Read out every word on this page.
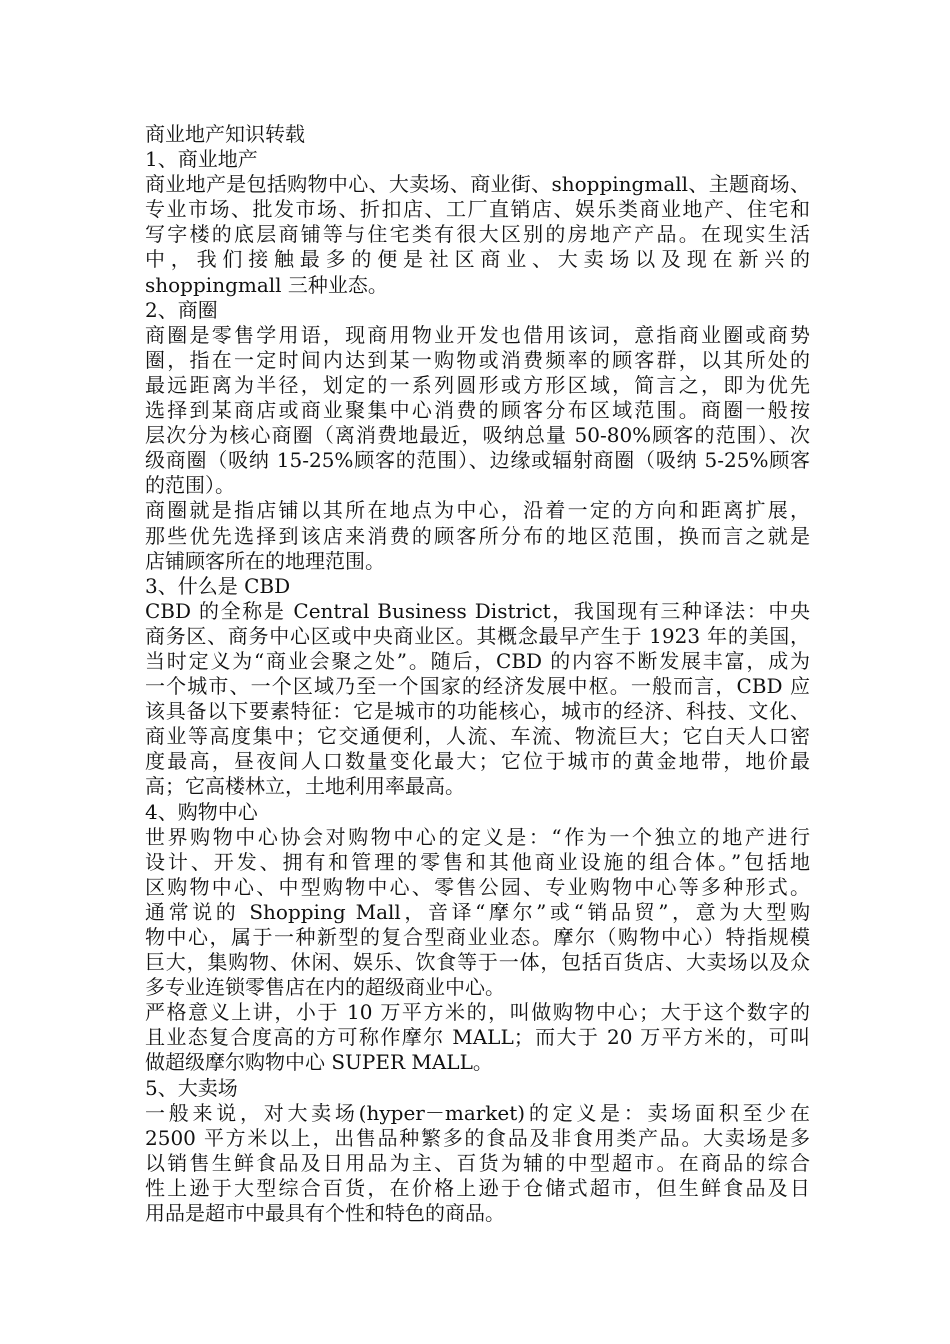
商业地产知识转载

1、商业地产

商业地产是包括购物中心、大卖场、商业街、shoppingmall、主题商场、

专业市场、批发市场、折扣店、工厂直销店、娱乐类商业地产、住宅和

写字楼的底层商铺等与住宅类有很大区别的房地产产品。在现实生活

中，我们接触最多的便是社区商业、大卖场以及现在新兴的

shoppingmall 三种业态。

2、商圈

商圈是零售学用语，现商用物业开发也借用该词，意指商业圈或商势

圈，指在一定时间内达到某一购物或消费频率的顾客群，以其所处的

最远距离为半径，划定的一系列圆形或方形区域，简言之，即为优先

选择到某商店或商业聚集中心消费的顾客分布区域范围。商圈一般按

层次分为核心商圈（离消费地最近，吸纳总量 50-80%顾客的范围）、次

级商圈（吸纳 15-25%顾客的范围）、边缘或辐射商圈（吸纳 5-25%顾客

的范围）。

商圈就是指店铺以其所在地点为中心，沿着一定的方向和距离扩展，

那些优先选择到该店来消费的顾客所分布的地区范围，换而言之就是

店铺顾客所在的地理范围。

3、什么是 CBD

CBD 的全称是 Central Business District，我国现有三种译法：中央

商务区、商务中心区或中央商业区。其概念最早产生于 1923 年的美国，

当时定义为“商业会聚之处”。随后，CBD 的内容不断发展丰富，成为

一个城市、一个区域乃至一个国家的经济发展中枢。一般而言，CBD 应

该具备以下要素特征：它是城市的功能核心，城市的经济、科技、文化、

商业等高度集中；它交通便利，人流、车流、物流巨大；它白天人口密

度最高，昼夜间人口数量变化最大；它位于城市的黄金地带，地价最

高；它高楼林立，土地利用率最高。

4、购物中心

世界购物中心协会对购物中心的定义是：“作为一个独立的地产进行

设计、开发、拥有和管理的零售和其他商业设施的组合体。”包括地

区购物中心、中型购物中心、零售公园、专业购物中心等多种形式。

通常说的 Shopping Mall，音译“摩尔”或“销品贸”，意为大型购

物中心，属于一种新型的复合型商业业态。摩尔（购物中心）特指规模

巨大，集购物、休闲、娱乐、饮食等于一体，包括百货店、大卖场以及众

多专业连锁零售店在内的超级商业中心。

严格意义上讲，小于 10 万平方米的，叫做购物中心；大于这个数字的

且业态复合度高的方可称作摩尔 MALL；而大于 20 万平方米的，可叫

做超级摩尔购物中心 SUPER MALL。

5、大卖场

一般来说，对大卖场(hyper－market)的定义是：卖场面积至少在

2500 平方米以上，出售品种繁多的食品及非食用类产品。大卖场是多

以销售生鲜食品及日用品为主、百货为辅的中型超市。在商品的综合

性上逊于大型综合百货，在价格上逊于仓储式超市，但生鲜食品及日

用品是超市中最具有个性和特色的商品。
